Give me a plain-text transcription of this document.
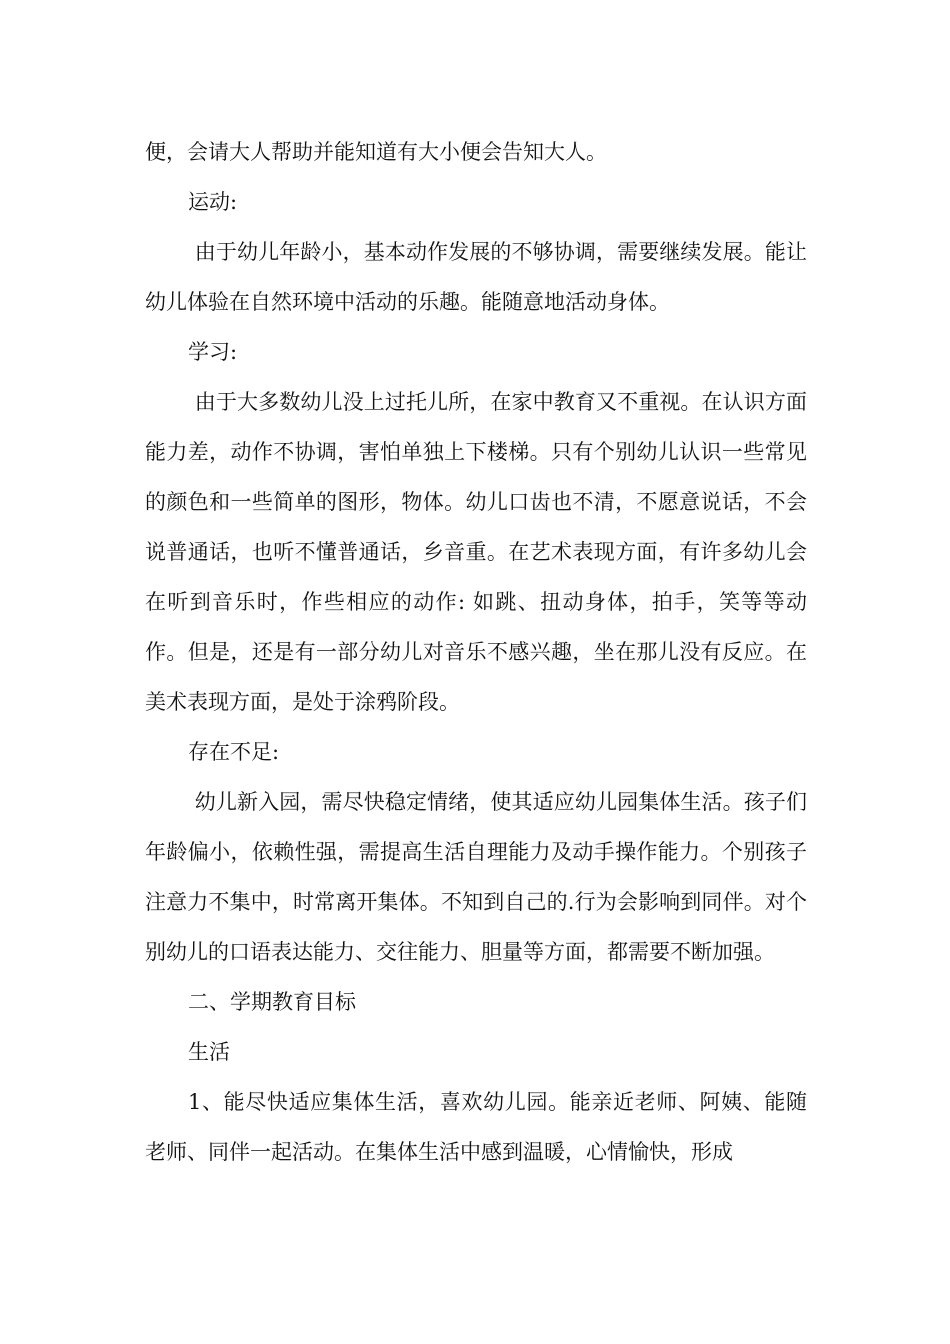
便，会请大人帮助并能知道有大小便会告知大人。

运动:

由于幼儿年龄小，基本动作发展的不够协调，需要继续发展。能让幼儿体验在自然环境中活动的乐趣。能随意地活动身体。

学习:

由于大多数幼儿没上过托儿所，在家中教育又不重视。在认识方面能力差，动作不协调，害怕单独上下楼梯。只有个别幼儿认识一些常见的颜色和一些简单的图形，物体。幼儿口齿也不清，不愿意说话，不会说普通话，也听不懂普通话，乡音重。在艺术表现方面，有许多幼儿会在听到音乐时，作些相应的动作: 如跳、扭动身体，拍手，笑等等动作。但是，还是有一部分幼儿对音乐不感兴趣，坐在那儿没有反应。在美术表现方面，是处于涂鸦阶段。

存在不足:

幼儿新入园，需尽快稳定情绪，使其适应幼儿园集体生活。孩子们年龄偏小，依赖性强，需提高生活自理能力及动手操作能力。个别孩子注意力不集中，时常离开集体。不知到自己的.行为会影响到同伴。对个别幼儿的口语表达能力、交往能力、胆量等方面，都需要不断加强。

二、学期教育目标

生活

1、能尽快适应集体生活，喜欢幼儿园。能亲近老师、阿姨、能随老师、同伴一起活动。在集体生活中感到温暖，心情愉快，形成
